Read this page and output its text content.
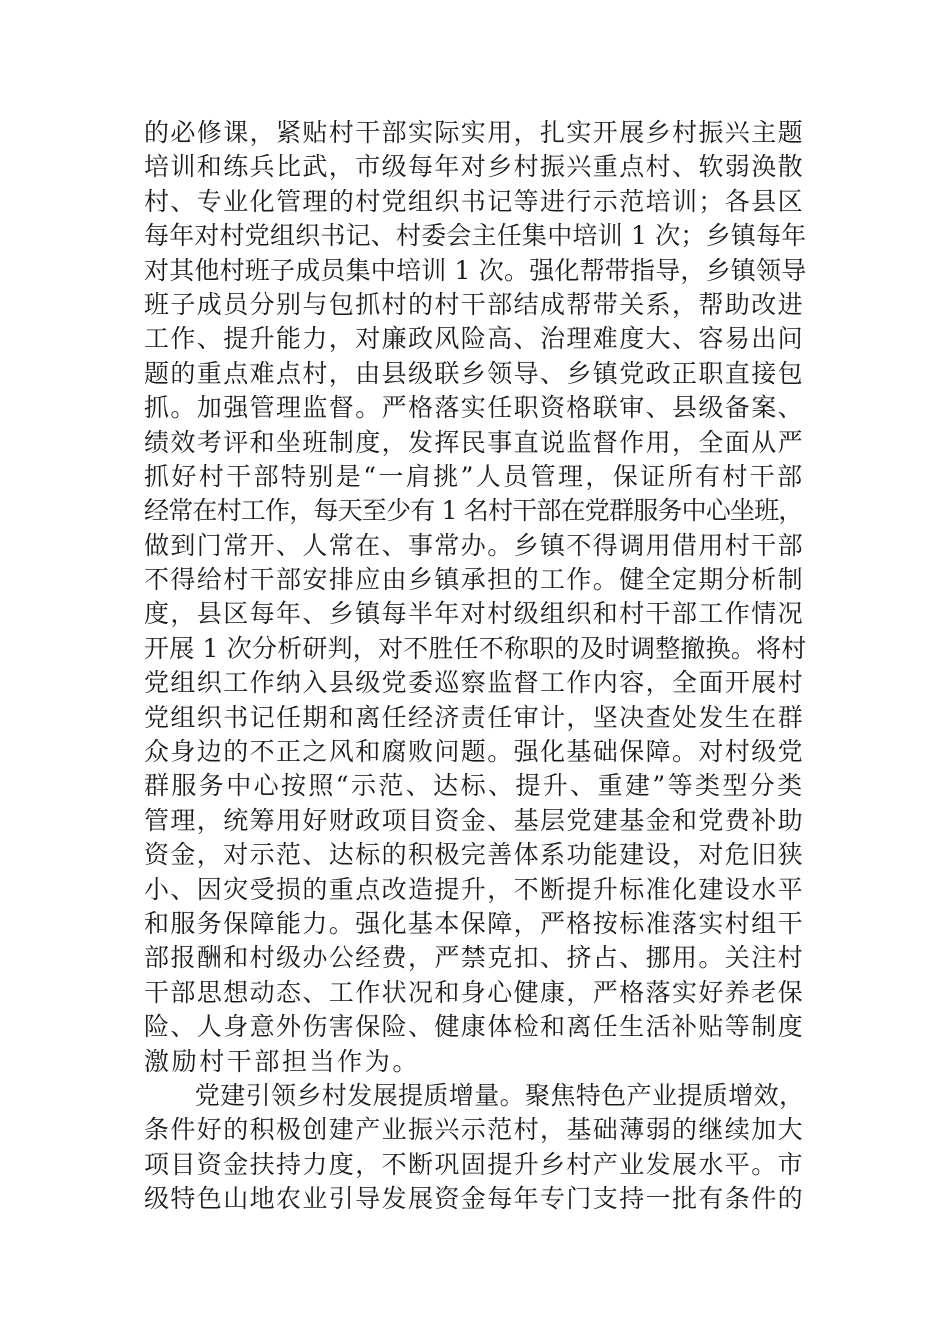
的必修课，紧贴村干部实际实用，扎实开展乡村振兴主题
培训和练兵比武，市级每年对乡村振兴重点村、软弱涣散
村、专业化管理的村党组织书记等进行示范培训；各县区
每年对村党组织书记、村委会主任集中培训 1 次；乡镇每年
对其他村班子成员集中培训 1 次。强化帮带指导，乡镇领导
班子成员分别与包抓村的村干部结成帮带关系，帮助改进
工作、提升能力，对廉政风险高、治理难度大、容易出问
题的重点难点村，由县级联乡领导、乡镇党政正职直接包
抓。加强管理监督。严格落实任职资格联审、县级备案、
绩效考评和坐班制度，发挥民事直说监督作用，全面从严
抓好村干部特别是“一肩挑”人员管理，保证所有村干部
经常在村工作，每天至少有 1 名村干部在党群服务中心坐班，
做到门常开、人常在、事常办。乡镇不得调用借用村干部
不得给村干部安排应由乡镇承担的工作。健全定期分析制
度，县区每年、乡镇每半年对村级组织和村干部工作情况
开展 1 次分析研判，对不胜任不称职的及时调整撤换。将村
党组织工作纳入县级党委巡察监督工作内容，全面开展村
党组织书记任期和离任经济责任审计，坚决查处发生在群
众身边的不正之风和腐败问题。强化基础保障。对村级党
群服务中心按照“示范、达标、提升、重建”等类型分类
管理，统筹用好财政项目资金、基层党建基金和党费补助
资金，对示范、达标的积极完善体系功能建设，对危旧狭
小、因灾受损的重点改造提升，不断提升标准化建设水平
和服务保障能力。强化基本保障，严格按标准落实村组干
部报酬和村级办公经费，严禁克扣、挤占、挪用。关注村
干部思想动态、工作状况和身心健康，严格落实好养老保
险、人身意外伤害保险、健康体检和离任生活补贴等制度
激励村干部担当作为。
　　党建引领乡村发展提质增量。聚焦特色产业提质增效，
条件好的积极创建产业振兴示范村，基础薄弱的继续加大
项目资金扶持力度，不断巩固提升乡村产业发展水平。市
级特色山地农业引导发展资金每年专门支持一批有条件的
